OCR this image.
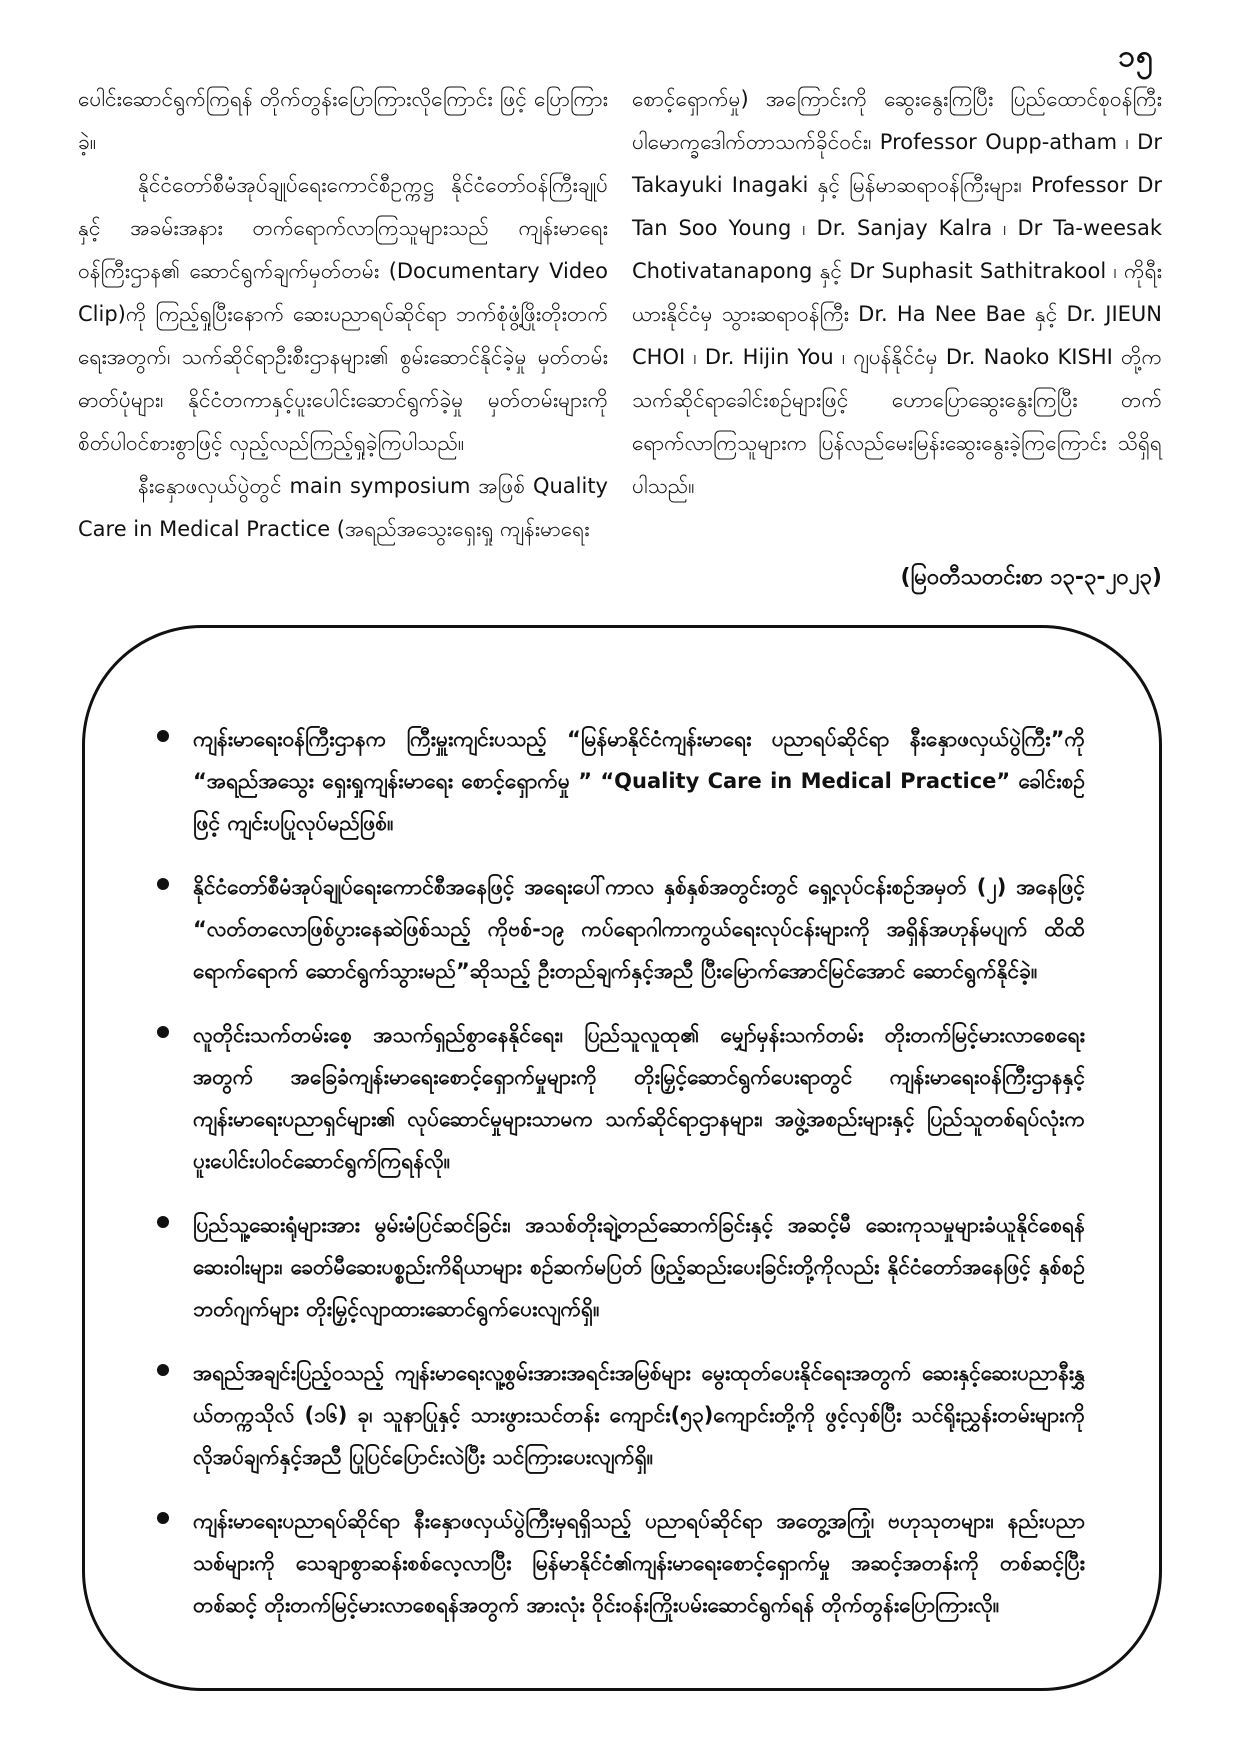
၁၅

ပေါင်းဆောင်ရွက်ကြရန် တိုက်တွန်းပြောကြားလိုကြောင်း ဖြင့် ပြောကြားခဲ့။

နိုင်ငံတော်စီမံအုပ်ချုပ်ရေးကောင်စီဥက္ကဋ္ဌ နိုင်ငံတော်ဝန်ကြီးချုပ်နှင့် အခမ်းအနား တက်ရောက်လာကြသူများသည် ကျန်းမာရေးဝန်ကြီးဌာန၏ ဆောင်ရွက်ချက်မှတ်တမ်း (Documentary Video Clip)ကို ကြည့်ရှုပြီးနောက် ဆေးပညာရပ်ဆိုင်ရာ ဘက်စုံဖွံ့ဖြိုးတိုးတက်ရေးအတွက်၊ သက်ဆိုင်ရာဦးစီးဌာနများ၏ စွမ်းဆောင်နိုင်ခဲ့မှု မှတ်တမ်းဓာတ်ပုံများ၊ နိုင်ငံတကာနှင့်ပူးပေါင်းဆောင်ရွက်ခဲ့မှု မှတ်တမ်းများကို စိတ်ပါဝင်စားစွာဖြင့် လှည့်လည်ကြည့်ရှုခဲ့ကြပါသည်။

နီးနှောဖလှယ်ပွဲတွင် main symposium အဖြစ် Quality Care in Medical Practice (အရည်အသွေးရှေးရှု ကျန်းမာရေး

စောင့်ရှောက်မှု) အကြောင်းကို ဆွေးနွေးကြပြီး ပြည်ထောင်စုဝန်ကြီး ပါမောက္ခဒေါက်တာသက်ခိုင်ဝင်း၊ Professor Oupp-atham ၊ Dr Takayuki Inagaki နှင့် မြန်မာဆရာဝန်ကြီးများ၊ Professor Dr Tan Soo Young ၊ Dr. Sanjay Kalra ၊ Dr Ta-weesak Chotivatanapong နှင့် Dr Suphasit Sathitrakool ၊ ကိုရီးယားနိုင်ငံမှ သွားဆရာဝန်ကြီး Dr. Ha Nee Bae နှင့် Dr. JIEUN CHOI ၊ Dr. Hijin You ၊ ဂျပန်နိုင်ငံမှ Dr. Naoko KISHI တို့က သက်ဆိုင်ရာခေါင်းစဉ်များဖြင့် ဟောပြောဆွေးနွေးကြပြီး တက်ရောက်လာကြသူများက ပြန်လည်မေးမြန်းဆွေးနွေးခဲ့ကြကြောင်း သိရှိရပါသည်။

(မြဝတီသတင်းစာ ၁၃-၃-၂၀၂၃)
ကျန်းမာရေးဝန်ကြီးဌာနက ကြီးမှူးကျင်းပသည့် “မြန်မာနိုင်ငံကျန်းမာရေး ပညာရပ်ဆိုင်ရာ နီးနှောဖလှယ်ပွဲကြီး”ကို “အရည်အသွေး ရှေးရှုကျန်းမာရေး စောင့်ရှောက်မှု ” “Quality Care in Medical Practice” ခေါင်းစဉ်ဖြင့် ကျင်းပပြုလုပ်မည်ဖြစ်။
နိုင်ငံတော်စီမံအုပ်ချုပ်ရေးကောင်စီအနေဖြင့် အရေးပေါ်ကာလ နှစ်နှစ်အတွင်းတွင် ရှေ့လုပ်ငန်းစဉ်အမှတ် (၂) အနေဖြင့် “လတ်တလောဖြစ်ပွားနေဆဲဖြစ်သည့် ကိုဗစ်-၁၉ ကပ်ရောဂါကာကွယ်ရေးလုပ်ငန်းများကို အရှိန်အဟုန်မပျက် ထိထိရောက်ရောက် ဆောင်ရွက်သွားမည်”ဆိုသည့် ဦးတည်ချက်နှင့်အညီ ပြီးမြောက်အောင်မြင်အောင် ဆောင်ရွက်နိုင်ခဲ့။
လူတိုင်းသက်တမ်းစေ့ အသက်ရှည်စွာနေနိုင်ရေး၊ ပြည်သူလူထု၏ မျှော်မှန်းသက်တမ်း တိုးတက်မြင့်မားလာစေရေးအတွက် အခြေခံကျန်းမာရေးစောင့်ရှောက်မှုများကို တိုးမြှင့်ဆောင်ရွက်ပေးရာတွင် ကျန်းမာရေးဝန်ကြီးဌာနနှင့် ကျန်းမာရေးပညာရှင်များ၏ လုပ်ဆောင်မှုများသာမက သက်ဆိုင်ရာဌာနများ၊ အဖွဲ့အစည်းများနှင့် ပြည်သူတစ်ရပ်လုံးက ပူးပေါင်းပါဝင်ဆောင်ရွက်ကြရန်လို။
ပြည်သူ့ဆေးရုံများအား မွမ်းမံပြင်ဆင်ခြင်း၊ အသစ်တိုးချဲ့တည်ဆောက်ခြင်းနှင့် အဆင့်မီ ဆေးကုသမှုများခံယူနိုင်စေရန် ဆေးဝါးများ၊ ခေတ်မီဆေးပစ္စည်းကိရိယာများ စဉ်ဆက်မပြတ် ဖြည့်ဆည်းပေးခြင်းတို့ကိုလည်း နိုင်ငံတော်အနေဖြင့် နှစ်စဉ်ဘတ်ဂျက်များ တိုးမြှင့်လျာထားဆောင်ရွက်ပေးလျက်ရှိ။
အရည်အချင်းပြည့်ဝသည့် ကျန်းမာရေးလူ့စွမ်းအားအရင်းအမြစ်များ မွေးထုတ်ပေးနိုင်ရေးအတွက် ဆေးနှင့်ဆေးပညာနီးနွှယ်တက္ကသိုလ် (၁၆) ခု၊ သူနာပြုနှင့် သားဖွားသင်တန်း ကျောင်း(၅၃)ကျောင်းတို့ကို ဖွင့်လှစ်ပြီး သင်ရိုးညွှန်းတမ်းများကို လိုအပ်ချက်နှင့်အညီ ပြုပြင်ပြောင်းလဲပြီး သင်ကြားပေးလျက်ရှိ။
ကျန်းမာရေးပညာရပ်ဆိုင်ရာ နီးနှောဖလှယ်ပွဲကြီးမှရရှိသည့် ပညာရပ်ဆိုင်ရာ အတွေ့အကြုံ၊ ဗဟုသုတများ၊ နည်းပညာသစ်များကို သေချာစွာဆန်းစစ်လေ့လာပြီး မြန်မာနိုင်ငံ၏ကျန်းမာရေးစောင့်ရှောက်မှု အဆင့်အတန်းကို တစ်ဆင့်ပြီးတစ်ဆင့် တိုးတက်မြင့်မားလာစေရန်အတွက် အားလုံး ဝိုင်းဝန်းကြိုးပမ်းဆောင်ရွက်ရန် တိုက်တွန်းပြောကြားလို။
